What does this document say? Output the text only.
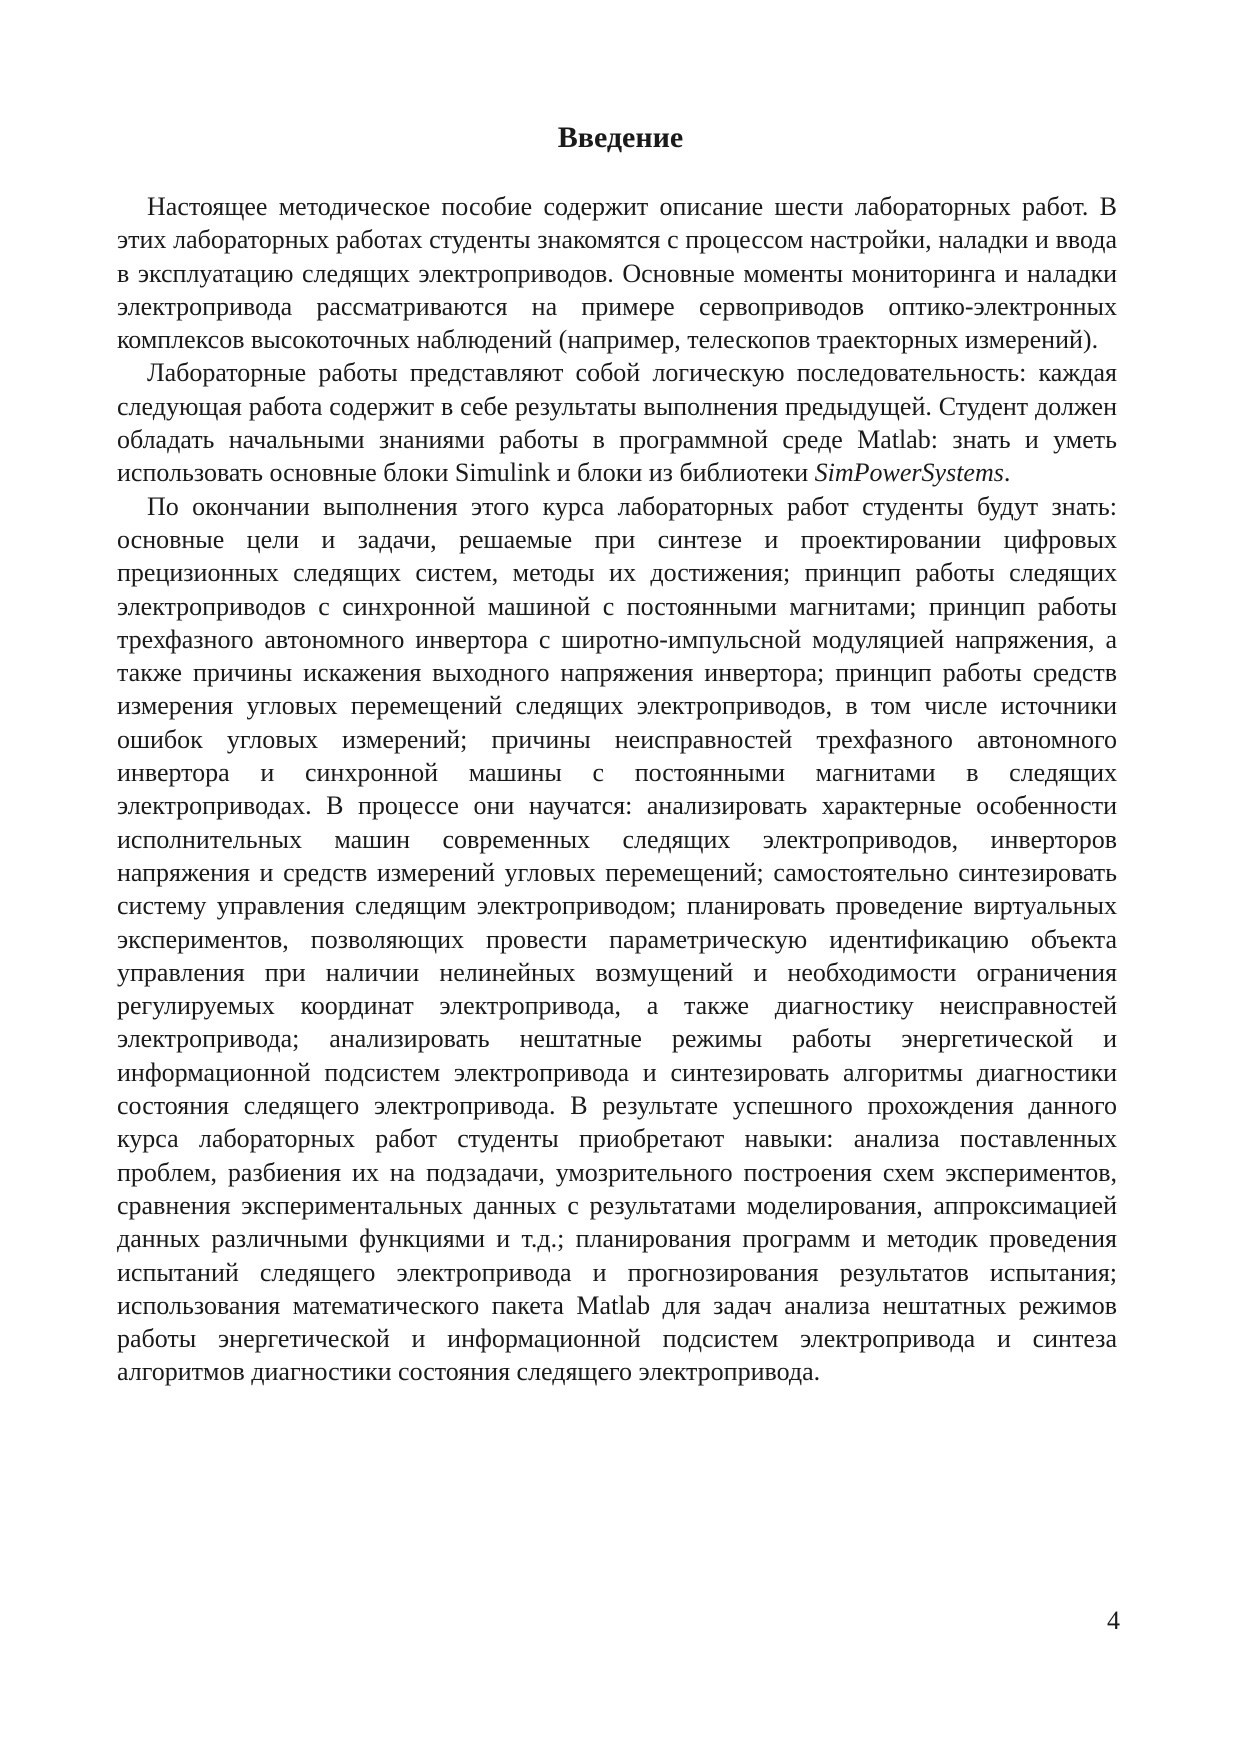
Введение

Настоящее методическое пособие содержит описание шести лабораторных работ. В этих лабораторных работах студенты знакомятся с процессом настройки, наладки и ввода в эксплуатацию следящих электроприводов. Основные моменты мониторинга и наладки электропривода рассматриваются на примере сервоприводов оптико-электронных комплексов высокоточных наблюдений (например, телескопов траекторных измерений).

Лабораторные работы представляют собой логическую последовательность: каждая следующая работа содержит в себе результаты выполнения предыдущей. Студент должен обладать начальными знаниями работы в программной среде Matlab: знать и уметь использовать основные блоки Simulink и блоки из библиотеки SimPowerSystems.

По окончании выполнения этого курса лабораторных работ студенты будут знать: основные цели и задачи, решаемые при синтезе и проектировании цифровых прецизионных следящих систем, методы их достижения; принцип работы следящих электроприводов с синхронной машиной с постоянными магнитами; принцип работы трехфазного автономного инвертора с широтно-импульсной модуляцией напряжения, а также причины искажения выходного напряжения инвертора; принцип работы средств измерения угловых перемещений следящих электроприводов, в том числе источники ошибок угловых измерений; причины неисправностей трехфазного автономного инвертора и синхронной машины с постоянными магнитами в следящих электроприводах. В процессе они научатся: анализировать характерные особенности исполнительных машин современных следящих электроприводов, инверторов напряжения и средств измерений угловых перемещений; самостоятельно синтезировать систему управления следящим электроприводом; планировать проведение виртуальных экспериментов, позволяющих провести параметрическую идентификацию объекта управления при наличии нелинейных возмущений и необходимости ограничения регулируемых координат электропривода, а также диагностику неисправностей электропривода; анализировать нештатные режимы работы энергетической и информационной подсистем электропривода и синтезировать алгоритмы диагностики состояния следящего электропривода. В результате успешного прохождения данного курса лабораторных работ студенты приобретают навыки: анализа поставленных проблем, разбиения их на подзадачи, умозрительного построения схем экспериментов, сравнения экспериментальных данных с результатами моделирования, аппроксимацией данных различными функциями и т.д.; планирования программ и методик проведения испытаний следящего электропривода и прогнозирования результатов испытания; использования математического пакета Matlab для задач анализа нештатных режимов работы энергетической и информационной подсистем электропривода и синтеза алгоритмов диагностики состояния следящего электропривода.

4
